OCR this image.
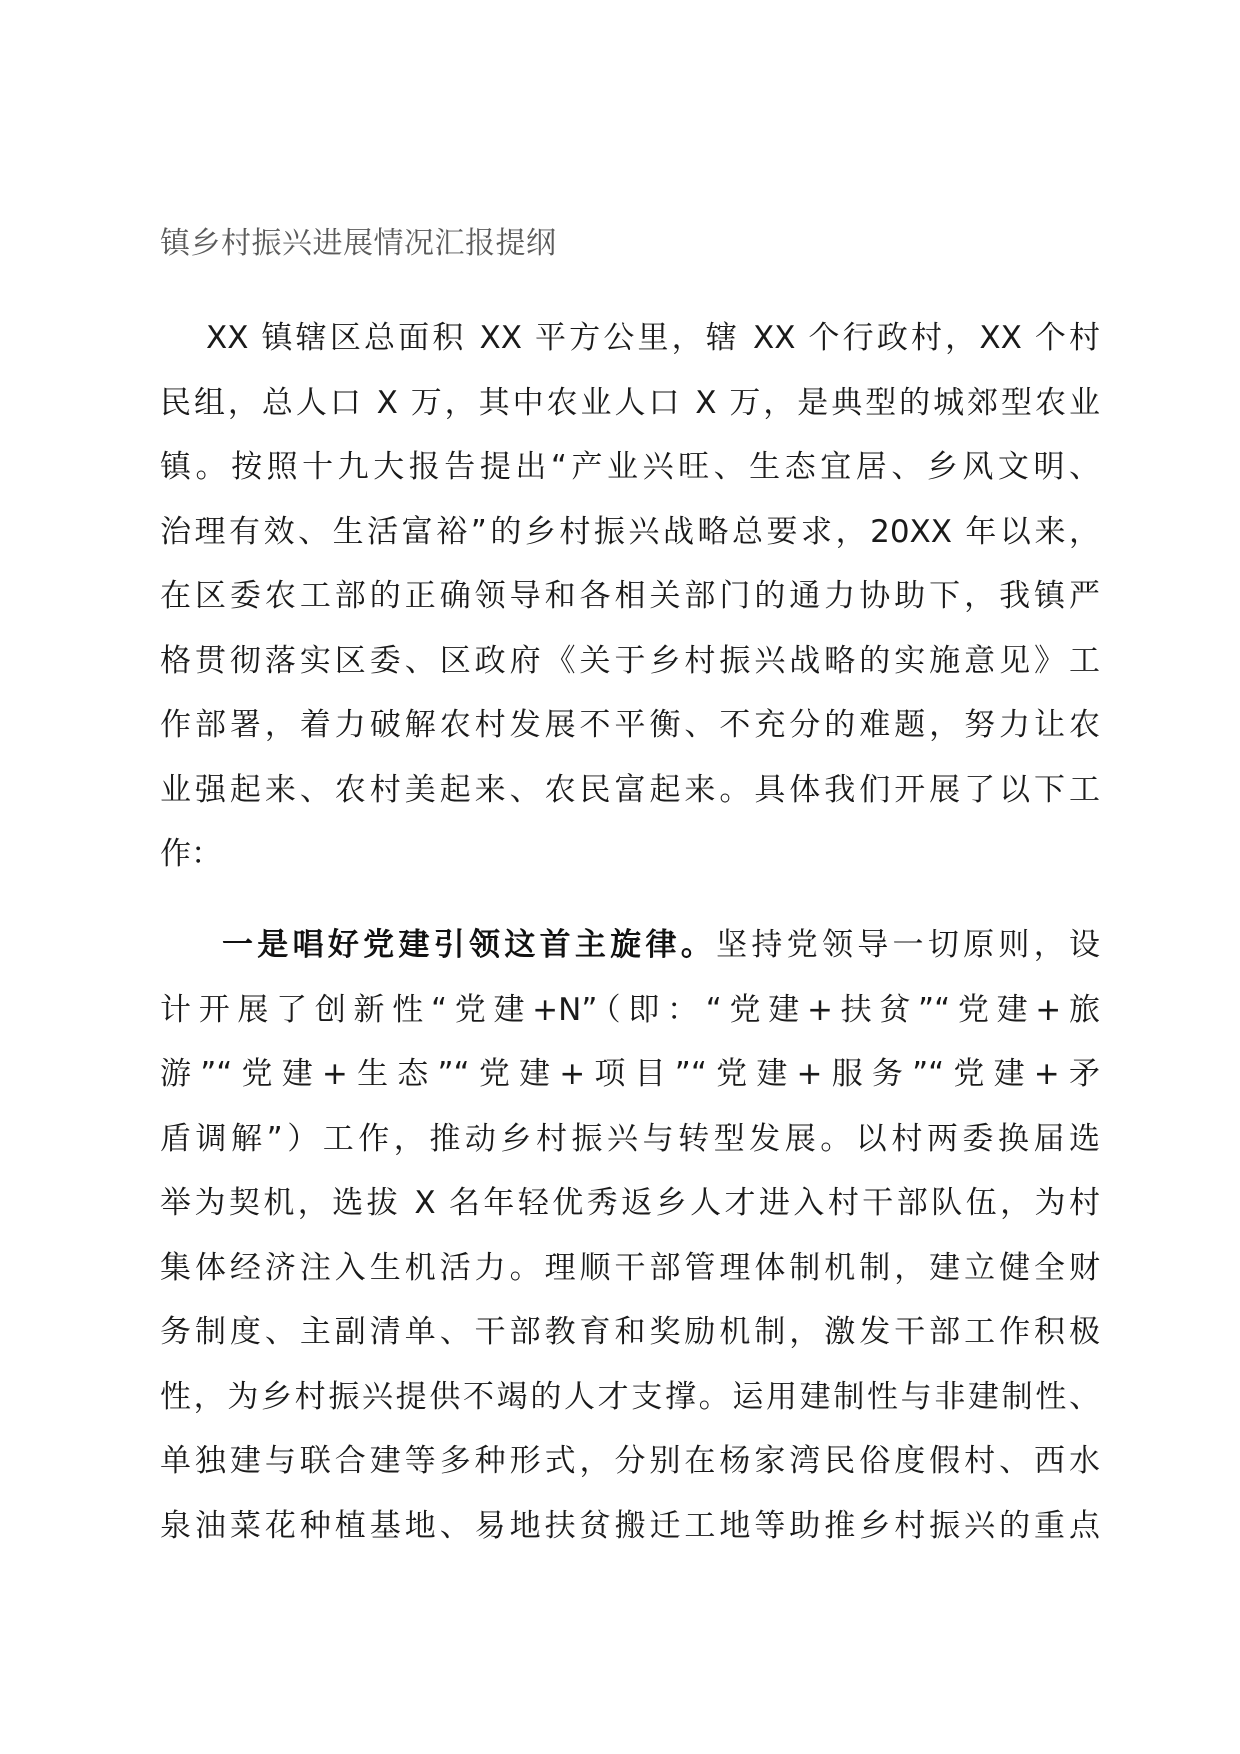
镇乡村振兴进展情况汇报提纲
XX 镇辖区总面积 XX 平方公里，辖 XX 个行政村，XX 个村
民组，总人口 X 万，其中农业人口 X 万，是典型的城郊型农业
镇。按照十九大报告提出“产业兴旺、生态宜居、乡风文明、
治理有效、生活富裕”的乡村振兴战略总要求，20XX 年以来，
在区委农工部的正确领导和各相关部门的通力协助下，我镇严
格贯彻落实区委、区政府《关于乡村振兴战略的实施意见》工
作部署，着力破解农村发展不平衡、不充分的难题，努力让农
业强起来、农村美起来、农民富起来。具体我们开展了以下工
作：
一是唱好党建引领这首主旋律。坚持党领导一切原则，设
计开展了创新性“党建+N”（即：“党建+扶贫”“党建+旅
游”“党建+生态”“党建+项目”“党建+服务”“党建+矛
盾调解”）工作，推动乡村振兴与转型发展。以村两委换届选
举为契机，选拔 X 名年轻优秀返乡人才进入村干部队伍，为村
集体经济注入生机活力。理顺干部管理体制机制，建立健全财
务制度、主副清单、干部教育和奖励机制，激发干部工作积极
性，为乡村振兴提供不竭的人才支撑。运用建制性与非建制性、
单独建与联合建等多种形式，分别在杨家湾民俗度假村、西水
泉油菜花种植基地、易地扶贫搬迁工地等助推乡村振兴的重点
